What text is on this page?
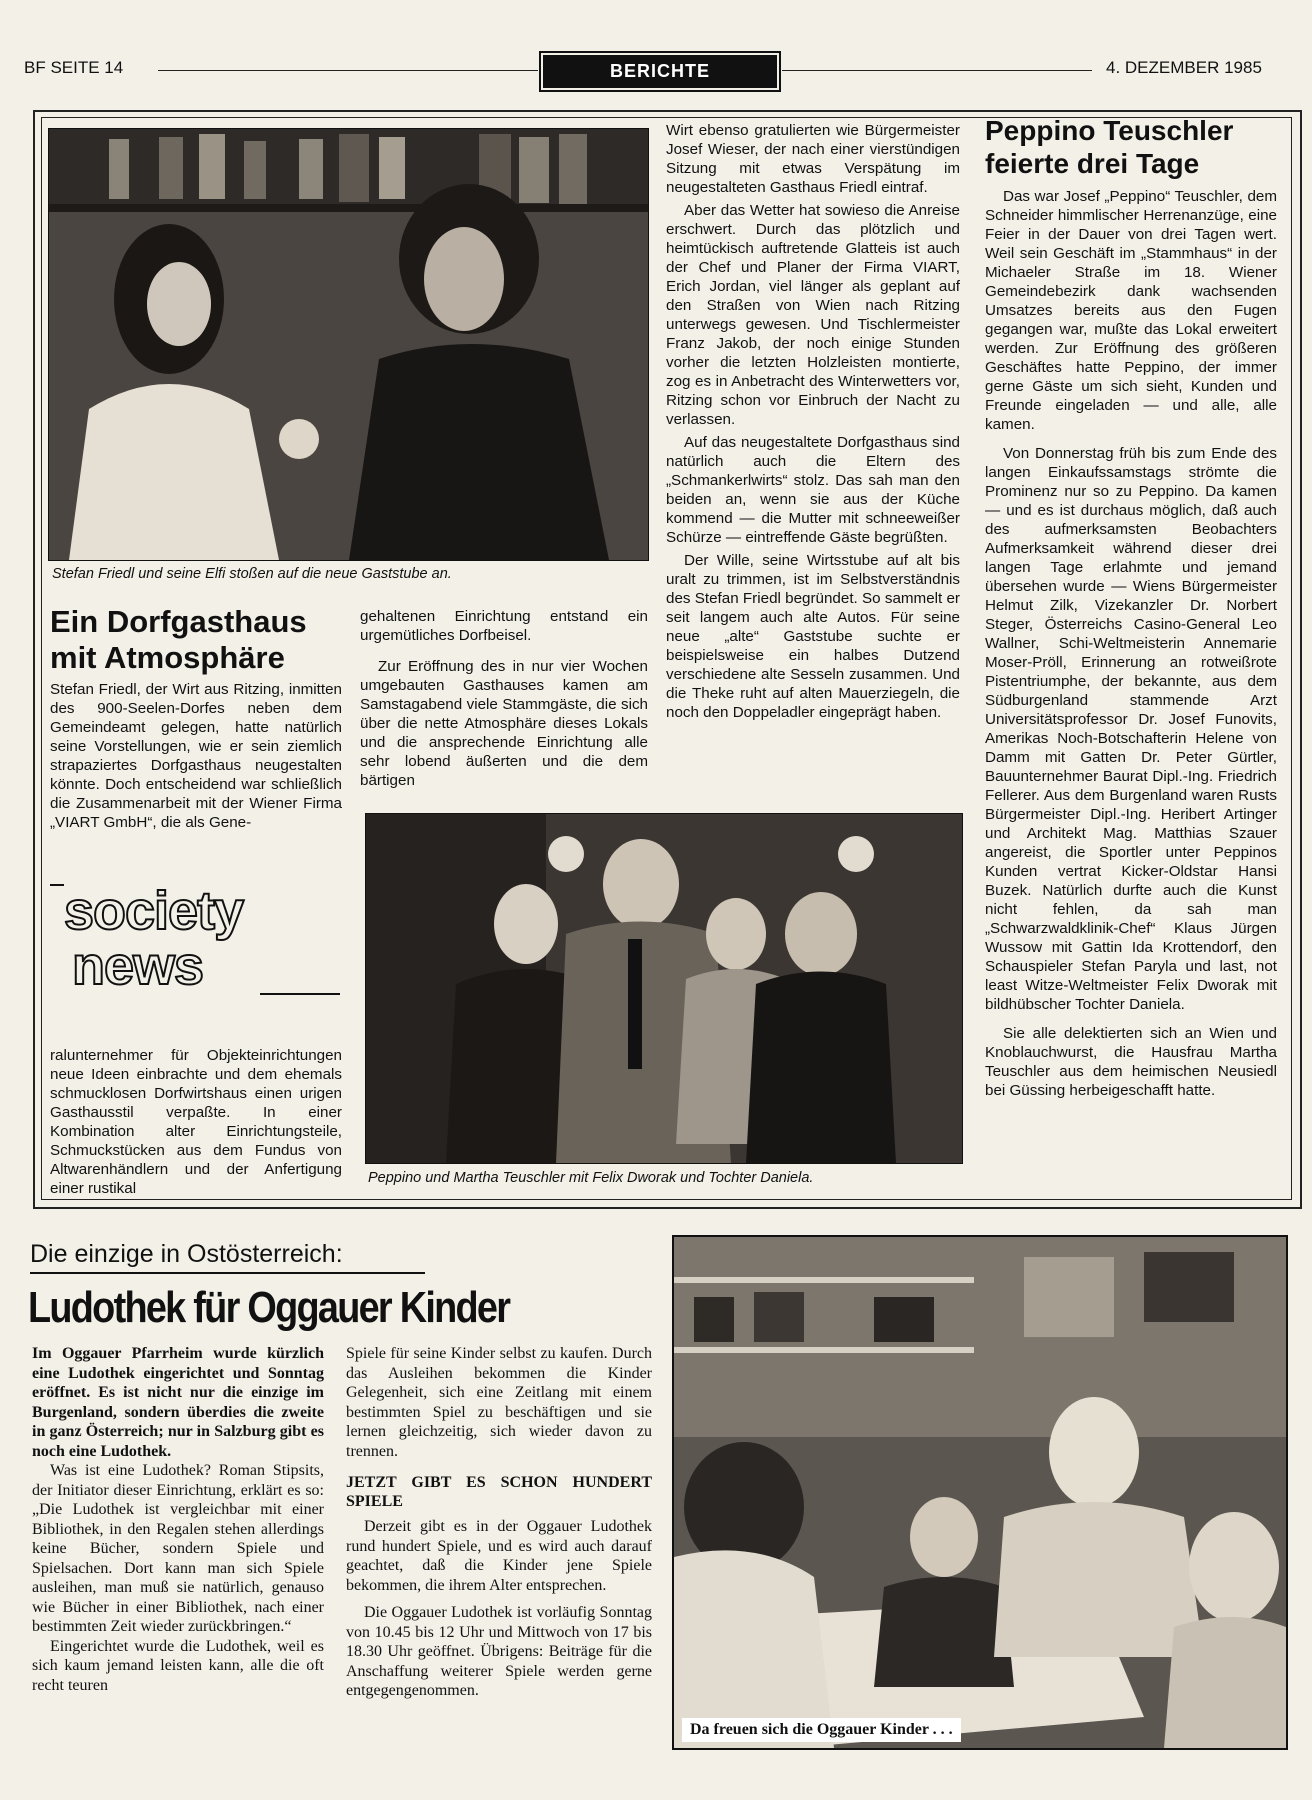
BF SEITE 14	BERICHTE	4. DEZEMBER 1985
Stefan Friedl und seine Elfi stoßen auf die neue Gaststube an.
Ein Dorfgasthaus
mit Atmosphäre

Stefan Friedl, der Wirt aus Ritzing, inmitten des 900-Seelen-Dorfes neben dem Gemeindeamt gelegen, hatte natürlich seine Vorstellungen, wie er sein ziemlich strapaziertes Dorfgasthaus neugestalten könnte. Doch entscheidend war schließlich die Zusammenarbeit mit der Wiener Firma „VIART GmbH“, die als Gene-

society
news

ralunternehmer für Objekteinrichtungen neue Ideen einbrachte und dem ehemals schmucklosen Dorfwirtshaus einen urigen Gasthausstil verpaßte. In einer Kombination alter Einrichtungsteile, Schmuckstücken aus dem Fundus von Altwarenhändlern und der Anfertigung einer rustikal

gehaltenen Einrichtung entstand ein urgemütliches Dorfbeisel.

Zur Eröffnung des in nur vier Wochen umgebauten Gasthauses kamen am Samstagabend viele Stammgäste, die sich über die nette Atmosphäre dieses Lokals und die ansprechende Einrichtung alle sehr lobend äußerten und die dem bärtigen

Wirt ebenso gratulierten wie Bürgermeister Josef Wieser, der nach einer vierstündigen Sitzung mit etwas Verspätung im neugestalteten Gasthaus Friedl eintraf.

Aber das Wetter hat sowieso die Anreise erschwert. Durch das plötzlich und heimtückisch auftretende Glatteis ist auch der Chef und Planer der Firma VIART, Erich Jordan, viel länger als geplant auf den Straßen von Wien nach Ritzing unterwegs gewesen. Und Tischlermeister Franz Jakob, der noch einige Stunden vorher die letzten Holzleisten montierte, zog es in Anbetracht des Winterwetters vor, Ritzing schon vor Einbruch der Nacht zu verlassen.

Auf das neugestaltete Dorfgasthaus sind natürlich auch die Eltern des „Schmankerlwirts“ stolz. Das sah man den beiden an, wenn sie aus der Küche kommend — die Mutter mit schneeweißer Schürze — eintreffende Gäste begrüßten.

Der Wille, seine Wirtsstube auf alt bis uralt zu trimmen, ist im Selbstverständnis des Stefan Friedl begründet. So sammelt er seit langem auch alte Autos. Für seine neue „alte“ Gaststube suchte er beispielsweise ein halbes Dutzend verschiedene alte Sesseln zusammen. Und die Theke ruht auf alten Mauerziegeln, die noch den Doppeladler eingeprägt haben.

Peppino und Martha Teuschler mit Felix Dworak und Tochter Daniela.
Peppino Teuschler
feierte drei Tage

Das war Josef „Peppino“ Teuschler, dem Schneider himmlischer Herrenanzüge, eine Feier in der Dauer von drei Tagen wert. Weil sein Geschäft im „Stammhaus“ in der Michaeler Straße im 18. Wiener Gemeindebezirk dank wachsenden Umsatzes bereits aus den Fugen gegangen war, mußte das Lokal erweitert werden. Zur Eröffnung des größeren Geschäftes hatte Peppino, der immer gerne Gäste um sich sieht, Kunden und Freunde eingeladen — und alle, alle kamen.

Von Donnerstag früh bis zum Ende des langen Einkaufssamstags strömte die Prominenz nur so zu Peppino. Da kamen — und es ist durchaus möglich, daß auch des aufmerksamsten Beobachters Aufmerksamkeit während dieser drei langen Tage erlahmte und jemand übersehen wurde — Wiens Bürgermeister Helmut Zilk, Vizekanzler Dr. Norbert Steger, Österreichs Casino-General Leo Wallner, Schi-Weltmeisterin Annemarie Moser-Pröll, Erinnerung an rotweißrote Pistentriumphe, der bekannte, aus dem Südburgenland stammende Arzt Universitätsprofessor Dr. Josef Funovits, Amerikas Noch-Botschafterin Helene von Damm mit Gatten Dr. Peter Gürtler, Bauunternehmer Baurat Dipl.-Ing. Friedrich Fellerer. Aus dem Burgenland waren Rusts Bürgermeister Dipl.-Ing. Heribert Artinger und Architekt Mag. Matthias Szauer angereist, die Sportler unter Peppinos Kunden vertrat Kicker-Oldstar Hansi Buzek. Natürlich durfte auch die Kunst nicht fehlen, da sah man „Schwarzwaldklinik-Chef“ Klaus Jürgen Wussow mit Gattin Ida Krottendorf, den Schauspieler Stefan Paryla und last, not least Witze-Weltmeister Felix Dworak mit bildhübscher Tochter Daniela.

Sie alle delektierten sich an Wien und Knoblauchwurst, die Hausfrau Martha Teuschler aus dem heimischen Neusiedl bei Güssing herbeigeschafft hatte.

Die einzige in Ostösterreich:
Ludothek für Oggauer Kinder

Im Oggauer Pfarrheim wurde kürzlich eine Ludothek eingerichtet und Sonntag eröffnet. Es ist nicht nur die einzige im Burgenland, sondern überdies die zweite in ganz Österreich; nur in Salzburg gibt es noch eine Ludothek.

Was ist eine Ludothek? Roman Stipsits, der Initiator dieser Einrichtung, erklärt es so: „Die Ludothek ist vergleichbar mit einer Bibliothek, in den Regalen stehen allerdings keine Bücher, sondern Spiele und Spielsachen. Dort kann man sich Spiele ausleihen, man muß sie natürlich, genauso wie Bücher in einer Bibliothek, nach einer bestimmten Zeit wieder zurückbringen.“

Eingerichtet wurde die Ludothek, weil es sich kaum jemand leisten kann, alle die oft recht teuren

Spiele für seine Kinder selbst zu kaufen. Durch das Ausleihen bekommen die Kinder Gelegenheit, sich eine Zeitlang mit einem bestimmten Spiel zu beschäftigen und sie lernen gleichzeitig, sich wieder davon zu trennen.

JETZT GIBT ES SCHON HUNDERT SPIELE

Derzeit gibt es in der Oggauer Ludothek rund hundert Spiele, und es wird auch darauf geachtet, daß die Kinder jene Spiele bekommen, die ihrem Alter entsprechen.

Die Oggauer Ludothek ist vorläufig Sonntag von 10.45 bis 12 Uhr und Mittwoch von 17 bis 18.30 Uhr geöffnet. Übrigens: Beiträge für die Anschaffung weiterer Spiele werden gerne entgegengenommen.

Da freuen sich die Oggauer Kinder . . .
